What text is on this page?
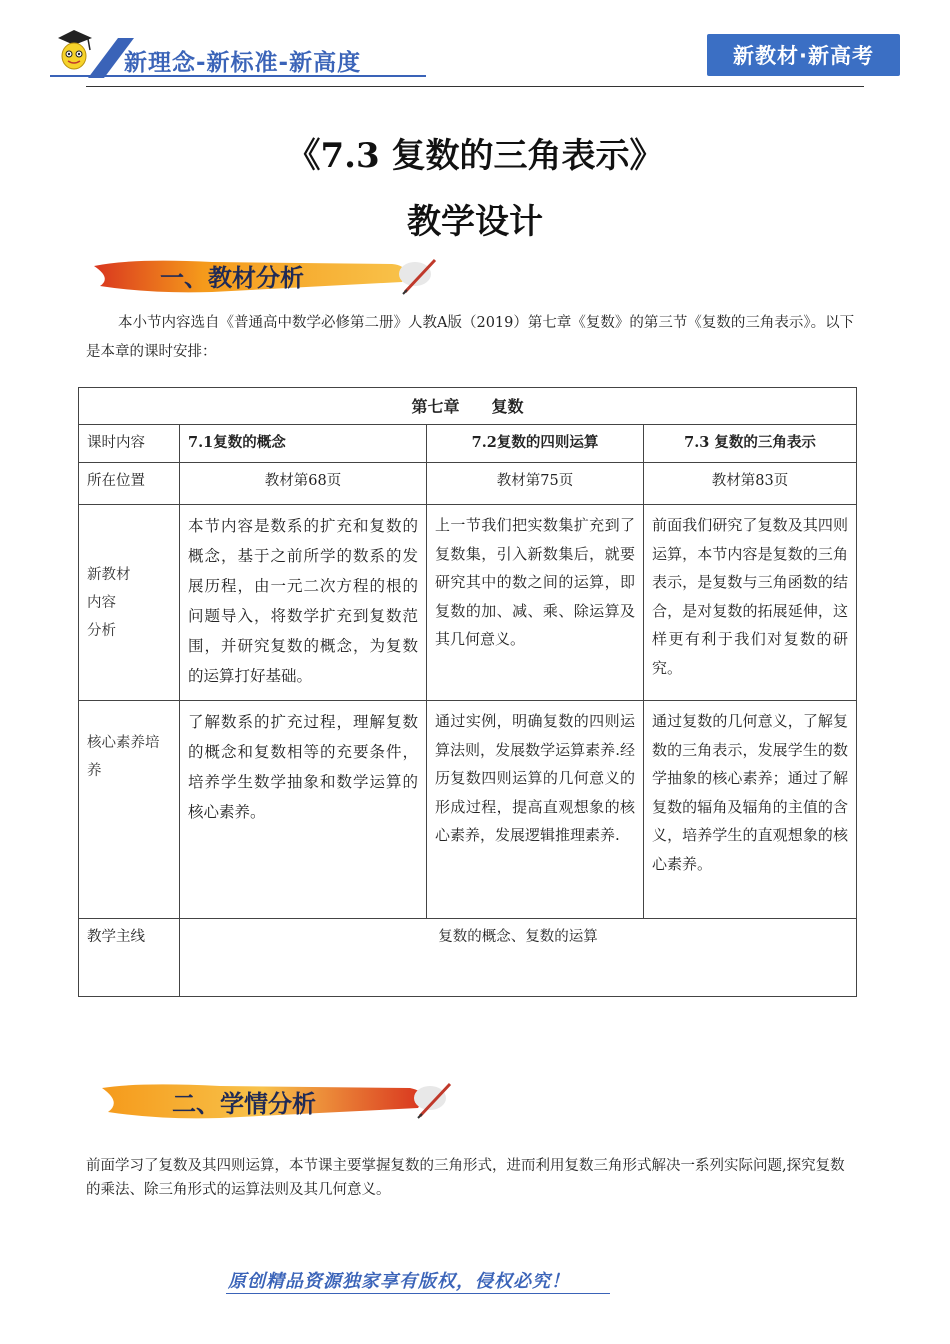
新理念-新标准-新高度	新教材·新高考
《7.3 复数的三角表示》
教学设计
一、教材分析
本小节内容选自《普通高中数学必修第二册》人教A版（2019）第七章《复数》的第三节《复数的三角表示》。以下是本章的课时安排：
第七章　　复数			
课时内容	7.1复数的概念	7.2复数的四则运算	7.3 复数的三角表示
所在位置	教材第68页	教材第75页	教材第83页
新教材
内容
分析	本节内容是数系的扩充和复数的概念，基于之前所学的数系的发展历程，由一元二次方程的根的问题导入，将数学扩充到复数范围，并研究复数的概念，为复数的运算打好基础。	上一节我们把实数集扩充到了复数集，引入新数集后，就要研究其中的数之间的运算，即复数的加、减、乘、除运算及其几何意义。	前面我们研究了复数及其四则运算，本节内容是复数的三角表示，是复数与三角函数的结合，是对复数的拓展延伸，这样更有利于我们对复数的研究。
核心素养培养	了解数系的扩充过程，理解复数的概念和复数相等的充要条件，培养学生数学抽象和数学运算的核心素养。	通过实例，明确复数的四则运算法则，发展数学运算素养.经历复数四则运算的几何意义的形成过程，提高直观想象的核心素养，发展逻辑推理素养.	通过复数的几何意义，了解复数的三角表示，发展学生的数学抽象的核心素养；通过了解复数的辐角及辐角的主值的含义，培养学生的直观想象的核心素养。
教学主线	复数的概念、复数的运算		
二、学情分析
前面学习了复数及其四则运算，本节课主要掌握复数的三角形式，进而利用复数三角形式解决一系列实际问题,探究复数的乘法、除三角形式的运算法则及其几何意义。
原创精品资源独家享有版权，侵权必究！
